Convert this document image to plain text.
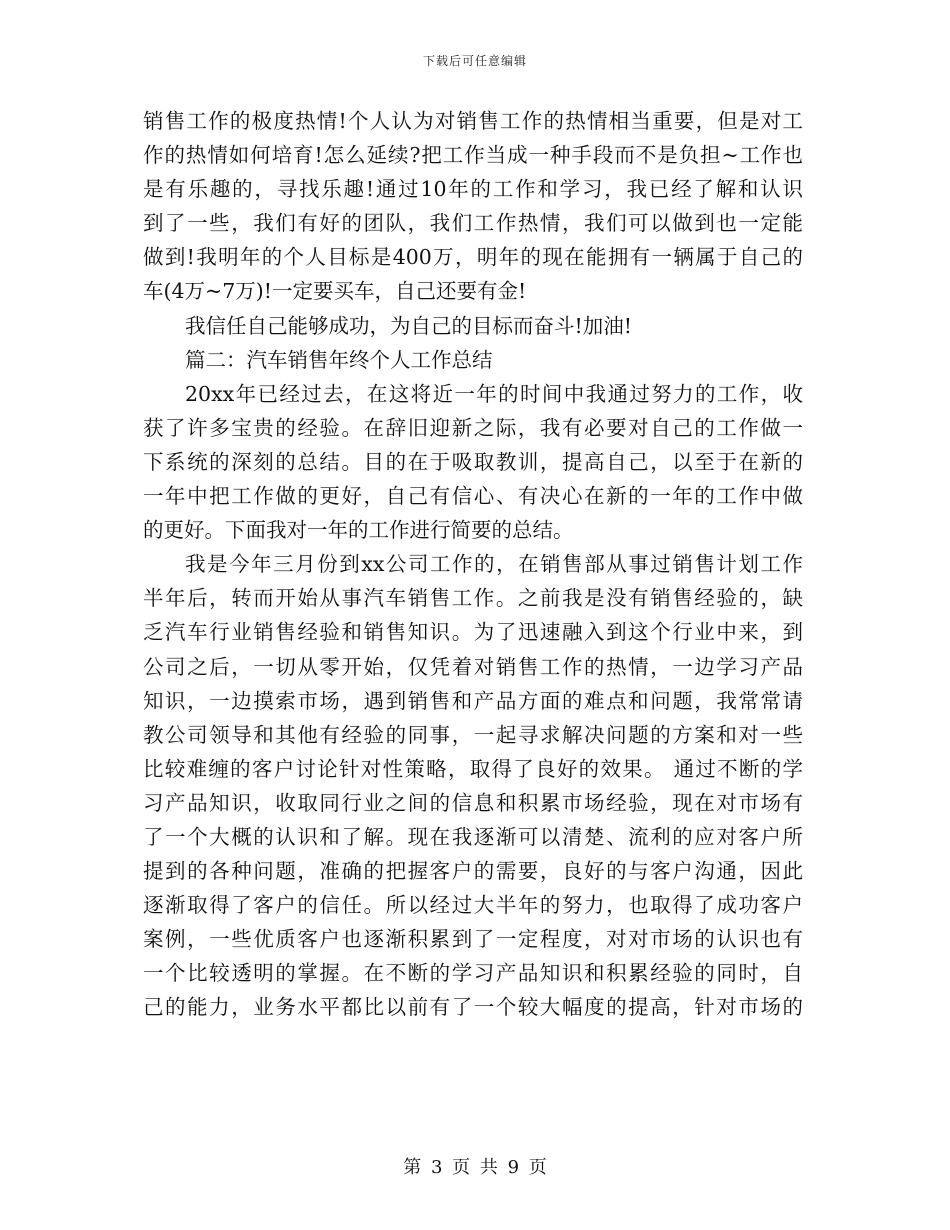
下载后可任意编辑
销售工作的极度热情!个人认为对销售工作的热情相当重要，但是对工
作的热情如何培育!怎么延续?把工作当成一种手段而不是负担~工作也
是有乐趣的，寻找乐趣!通过10年的工作和学习，我已经了解和认识
到了一些，我们有好的团队，我们工作热情，我们可以做到也一定能
做到!我明年的个人目标是400万，明年的现在能拥有一辆属于自己的
车(4万~7万)!一定要买车，自己还要有金!
我信任自己能够成功，为自己的目标而奋斗!加油!
篇二：汽车销售年终个人工作总结
20xx年已经过去，在这将近一年的时间中我通过努力的工作，收
获了许多宝贵的经验。在辞旧迎新之际，我有必要对自己的工作做一
下系统的深刻的总结。目的在于吸取教训，提高自己，以至于在新的
一年中把工作做的更好，自己有信心、有决心在新的一年的工作中做
的更好。下面我对一年的工作进行简要的总结。
我是今年三月份到xx公司工作的，在销售部从事过销售计划工作
半年后，转而开始从事汽车销售工作。之前我是没有销售经验的，缺
乏汽车行业销售经验和销售知识。为了迅速融入到这个行业中来，到
公司之后，一切从零开始，仅凭着对销售工作的热情，一边学习产品
知识，一边摸索市场，遇到销售和产品方面的难点和问题，我常常请
教公司领导和其他有经验的同事，一起寻求解决问题的方案和对一些
比较难缠的客户讨论针对性策略，取得了良好的效果。 通过不断的学
习产品知识，收取同行业之间的信息和积累市场经验，现在对市场有
了一个大概的认识和了解。现在我逐渐可以清楚、流利的应对客户所
提到的各种问题，准确的把握客户的需要，良好的与客户沟通，因此
逐渐取得了客户的信任。所以经过大半年的努力，也取得了成功客户
案例，一些优质客户也逐渐积累到了一定程度，对对市场的认识也有
一个比较透明的掌握。在不断的学习产品知识和积累经验的同时，自
己的能力，业务水平都比以前有了一个较大幅度的提高，针对市场的
第 3 页 共 9 页
